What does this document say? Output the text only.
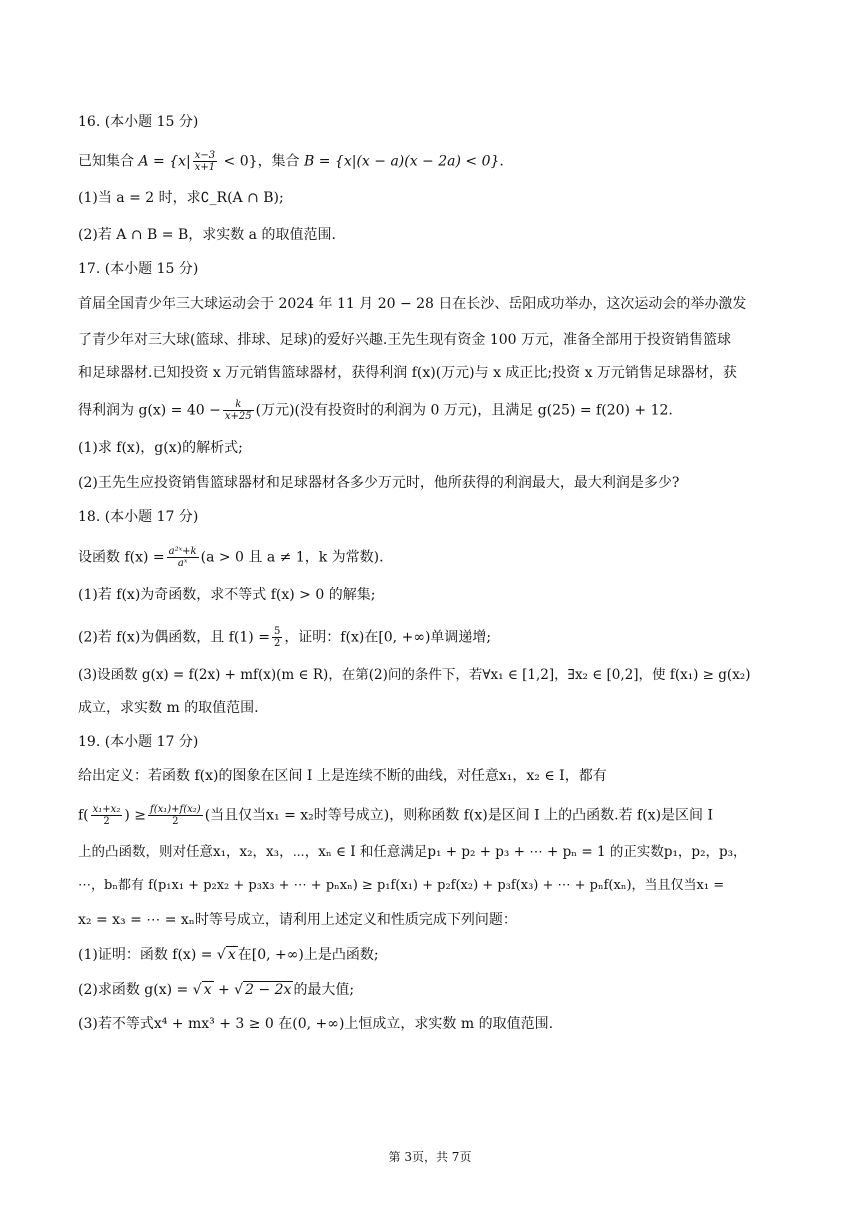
16. (本小题 15 分)
已知集合 $A = \{x| \frac{x-3}{x+1} < 0\}$，集合 B = {x|(x − a)(x − 2a) < 0}.
(1)当 a = 2 时，求∁_R(A ∩ B);
(2)若 A ∩ B = B，求实数 a 的取值范围.
17. (本小题 15 分)
首届全国青少年三大球运动会于 2024 年 11 月 20 − 28 日在长沙、岳阳成功举办，这次运动会的举办激发
了青少年对三大球(篮球、排球、足球)的爱好兴趣.王先生现有资金 100 万元，准备全部用于投资销售篮球
和足球器材.已知投资 x 万元销售篮球器材，获得利润 f(x)(万元)与 x 成正比;投资 x 万元销售足球器材，获
得利润为 $g(x) = 40 - \frac{k}{x+25}$ (万元)(没有投资时的利润为 0 万元)，且满足 g(25) = f(20) + 12.
(1)求 f(x)，g(x)的解析式;
(2)王先生应投资销售篮球器材和足球器材各多少万元时，他所获得的利润最大，最大利润是多少?
18. (本小题 17 分)
设函数 $f(x) = \frac{\text{a²ˣ+k}}{\text{aˣ}} (a > 0$ 且 a ≠ 1，k 为常数).
(1)若 f(x)为奇函数，求不等式 f(x) > 0 的解集;
(2)若 f(x)为偶函数，且 $f(1) = \frac{5}{2}$ ，证明：f(x)在[0, +∞)单调递增;
(3)设函数 g(x) = f(2x) + mf(x)(m ∈ R)，在第(2)问的条件下，若∀x₁ ∈ [1,2]，∃x₂ ∈ [0,2]，使 f(x₁) ≥ g(x₂)
成立，求实数 m 的取值范围.
19. (本小题 17 分)
给出定义：若函数 f(x)的图象在区间 I 上是连续不断的曲线，对任意x₁，x₂ ∈ I，都有
$f( \frac{\text{x₁+x₂}}{2}$ ) ≥ $\frac{\text{f(x₁)+f(x₂)}}{2}$ (当且仅当x₁ = x₂时等号成立)，则称函数 f(x)是区间 I 上的凸函数.若 f(x)是区间 I
上的凸函数，则对任意x₁，x₂，x₃，⋯，xₙ ∈ I 和任意满足p₁ + p₂ + p₃ + ⋯ + pₙ = 1 的正实数p₁，p₂，p₃，
⋯，bₙ都有 f(p₁x₁ + p₂x₂ + p₃x₃ + ⋯ + pₙxₙ) ≥ p₁f(x₁) + p₂f(x₂) + p₃f(x₃) + ⋯ + pₙf(xₙ)，当且仅当x₁ =
x₂ = x₃ = ⋯ = xₙ时等号成立，请利用上述定义和性质完成下列问题：
(1)证明：函数 f(x) = √ x 在[0, +∞)上是凸函数;
(2)求函数 g(x) = √ x + √ 2 − 2x 的最大值;
(3)若不等式x⁴ + mx³ + 3 ≥ 0 在(0, +∞)上恒成立，求实数 m 的取值范围.
第 3页，共 7页
